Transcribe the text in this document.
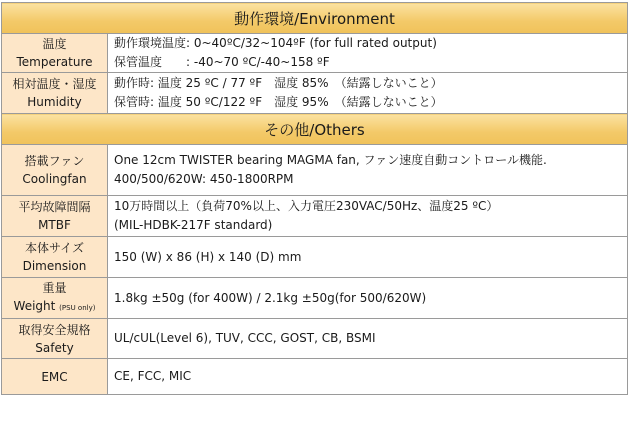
動作環境/Environment	

温度
Temperature	動作環境温度: 0~40ºC/32~104ºF (for full rated output)
保管温度　　: -40~70 ºC/-40~158 ºF

相対温度・湿度
Humidity	動作時: 温度 25 ºC / 77 ºF　湿度 85%　（結露しないこと）
保管時: 温度 50 ºC/122 ºF　湿度 95%　（結露しないこと）

その他/Others	

搭載ファン
Coolingfan	One 12cm TWISTER bearing MAGMA fan, ファン速度自動コントロール機能.
400/500/620W: 450-1800RPM

平均故障間隔
MTBF	10万時間以上（負荷70%以上、入力電圧230VAC/50Hz、温度25 ºC）
(MIL-HDBK-217F standard)

本体サイズ
Dimension	150 (W) x 86 (H) x 140 (D) mm

重量
Weight (PSU only)	1.8kg ±50g (for 400W) / 2.1kg ±50g(for 500/620W)

取得安全規格
Safety	UL/cUL(Level 6), TUV, CCC, GOST, CB, BSMI

EMC	CE, FCC, MIC
